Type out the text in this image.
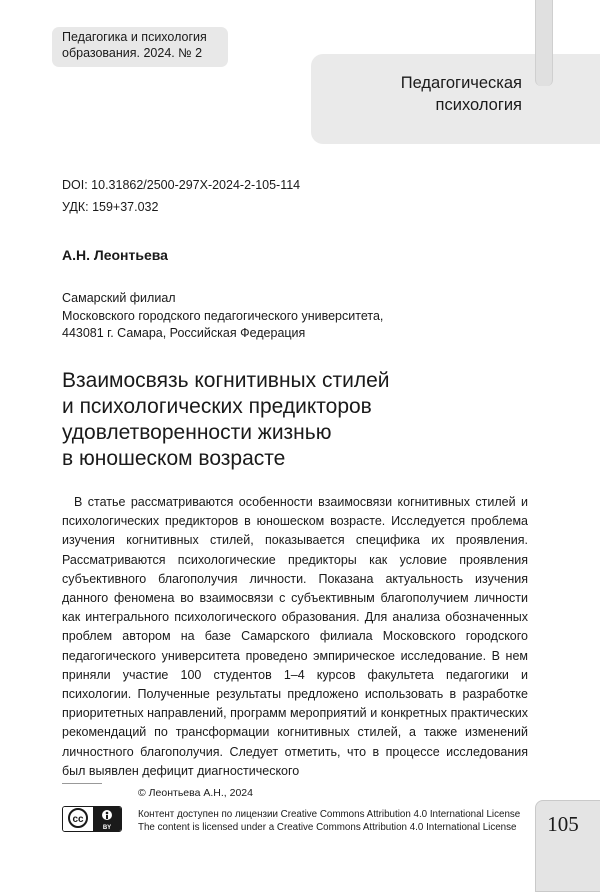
Педагогика и психология
образования. 2024. № 2
Педагогическая
психология
DOI: 10.31862/2500-297X-2024-2-105-114
УДК: 159+37.032
А.Н. Леонтьева
Самарский филиал
Московского городского педагогического университета,
443081 г. Самара, Российская Федерация
Взаимосвязь когнитивных стилей
и психологических предикторов
удовлетворенности жизнью
в юношеском возрасте
В статье рассматриваются особенности взаимосвязи когнитивных стилей и психологических предикторов в юношеском возрасте. Исследуется проблема изучения когнитивных стилей, показывается специфика их проявления. Рассматриваются психологические предикторы как условие проявления субъективного благополучия личности. Показана актуальность изучения данного феномена во взаимосвязи с субъективным благополучием личности как интегрального психологического образования. Для анализа обозначенных проблем автором на базе Самарского филиала Московского городского педагогического университета проведено эмпирическое исследование. В нем приняли участие 100 студентов 1–4 курсов факультета педагогики и психологии. Полученные результаты предложено использовать в разработке приоритетных направлений, программ мероприятий и конкретных практических рекомендаций по трансформации когнитивных стилей, а также изменений личностного благополучия. Следует отметить, что в процессе исследования был выявлен дефицит диагностического
© Леонтьева А.Н., 2024
cc
BY
Контент доступен по лицензии Creative Commons Attribution 4.0 International License
The content is licensed under a Creative Commons Attribution 4.0 International License	105
